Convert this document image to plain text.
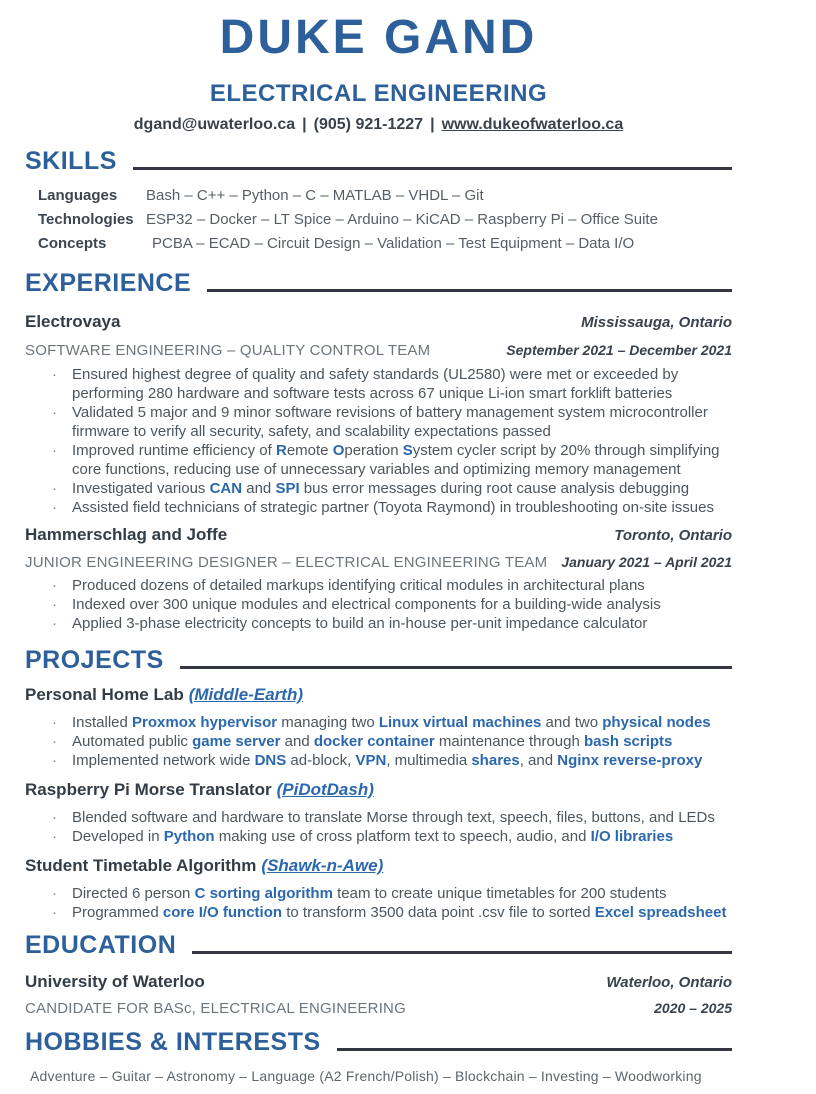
DUKE GAND
ELECTRICAL ENGINEERING
dgand@uwaterloo.ca | (905) 921-1227 | www.dukeofwaterloo.ca
SKILLS
Languages	Bash – C++ – Python – C – MATLAB – VHDL – Git
Technologies ESP32 – Docker – LT Spice – Arduino – KiCAD – Raspberry Pi – Office Suite
Concepts	PCBA – ECAD – Circuit Design – Validation – Test Equipment – Data I/O
EXPERIENCE
Electrovaya	Mississauga, Ontario
SOFTWARE ENGINEERING – QUALITY CONTROL TEAM	September 2021 – December 2021
· Ensured highest degree of quality and safety standards (UL2580) were met or exceeded by performing 280 hardware and software tests across 67 unique Li-ion smart forklift batteries
· Validated 5 major and 9 minor software revisions of battery management system microcontroller firmware to verify all security, safety, and scalability expectations passed
· Improved runtime efficiency of Remote Operation System cycler script by 20% through simplifying core functions, reducing use of unnecessary variables and optimizing memory management
· Investigated various CAN and SPI bus error messages during root cause analysis debugging
· Assisted field technicians of strategic partner (Toyota Raymond) in troubleshooting on-site issues
Hammerschlag and Joffe	Toronto, Ontario
JUNIOR ENGINEERING DESIGNER – ELECTRICAL ENGINEERING TEAM January 2021 – April 2021
· Produced dozens of detailed markups identifying critical modules in architectural plans
· Indexed over 300 unique modules and electrical components for a building-wide analysis
· Applied 3-phase electricity concepts to build an in-house per-unit impedance calculator
PROJECTS
Personal Home Lab (Middle-Earth)
· Installed Proxmox hypervisor managing two Linux virtual machines and two physical nodes
· Automated public game server and docker container maintenance through bash scripts
· Implemented network wide DNS ad-block, VPN, multimedia shares, and Nginx reverse-proxy
Raspberry Pi Morse Translator (PiDotDash)
· Blended software and hardware to translate Morse through text, speech, files, buttons, and LEDs
· Developed in Python making use of cross platform text to speech, audio, and I/O libraries
Student Timetable Algorithm (Shawk-n-Awe)
· Directed 6 person C sorting algorithm team to create unique timetables for 200 students
· Programmed core I/O function to transform 3500 data point .csv file to sorted Excel spreadsheet
EDUCATION
University of Waterloo	Waterloo, Ontario
CANDIDATE FOR BASc, ELECTRICAL ENGINEERING	2020 – 2025
HOBBIES & INTERESTS
Adventure – Guitar – Astronomy – Language (A2 French/Polish) – Blockchain – Investing – Woodworking
